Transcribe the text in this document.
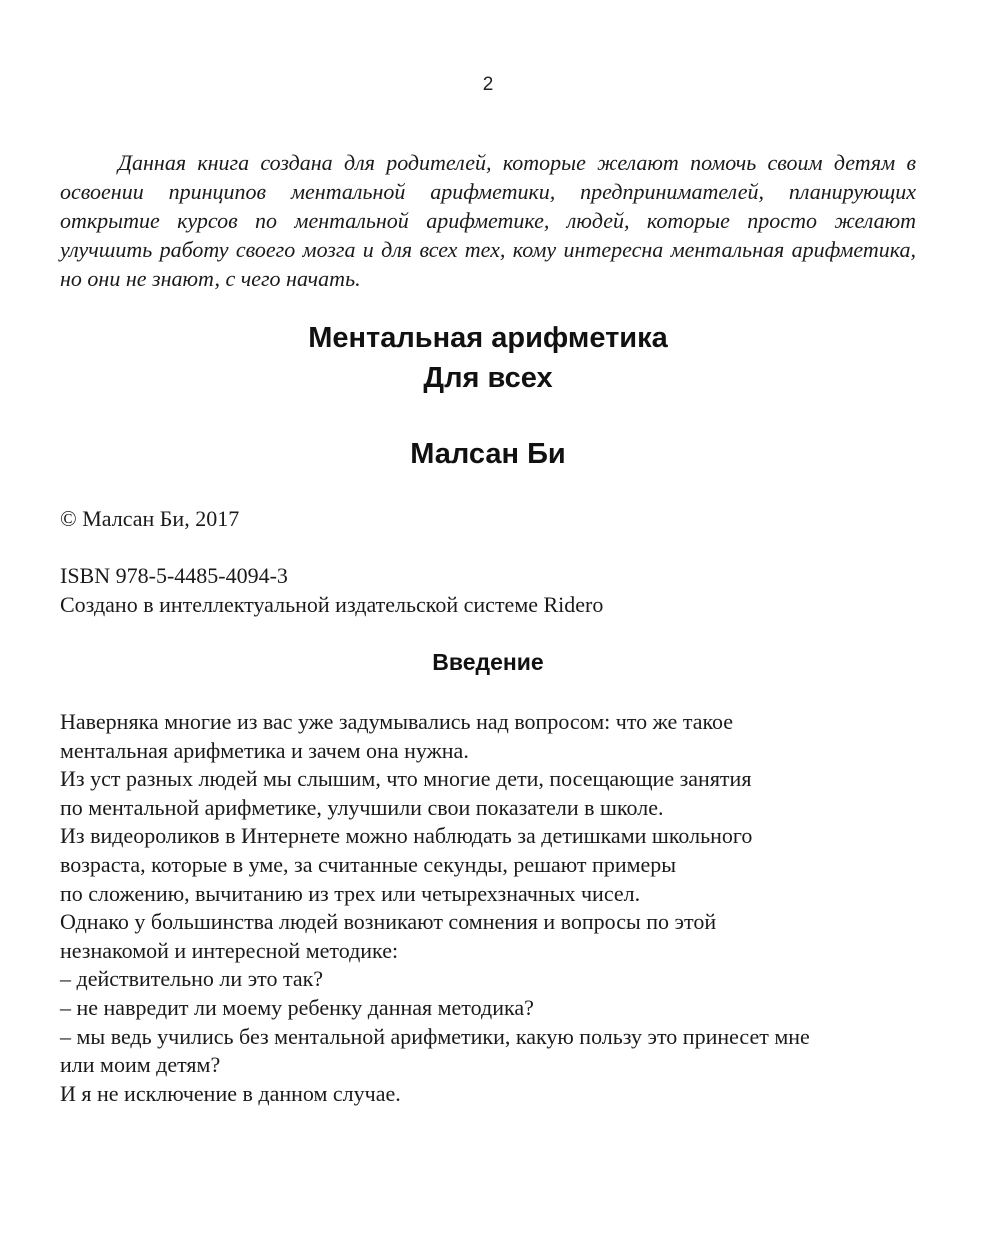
2

Данная книга создана для родителей, которые желают помочь своим детям в освоении принципов ментальной арифметики, предпринимателей, планирующих открытие курсов по ментальной арифметике, людей, которые просто желают улучшить работу своего мозга и для всех тех, кому интересна ментальная арифметика, но они не знают, с чего начать.

Ментальная арифметика
Для всех
Малсан Би

© Малсан Би, 2017

ISBN 978-5-4485-4094-3

Создано в интеллектуальной издательской системе Ridero

Введение
Наверняка многие из вас уже задумывались над вопросом: что же такое
ментальная арифметика и зачем она нужна.
Из уст разных людей мы слышим, что многие дети, посещающие занятия
по ментальной арифметике, улучшили свои показатели в школе.
Из видеороликов в Интернете можно наблюдать за детишками школьного
возраста, которые в уме, за считанные секунды, решают примеры
по сложению, вычитанию из трех или четырехзначных чисел.
Однако у большинства людей возникают сомнения и вопросы по этой
незнакомой и интересной методике:
– действительно ли это так?
– не навредит ли моему ребенку данная методика?
– мы ведь учились без ментальной арифметики, какую пользу это принесет мне
или моим детям?
И я не исключение в данном случае.
